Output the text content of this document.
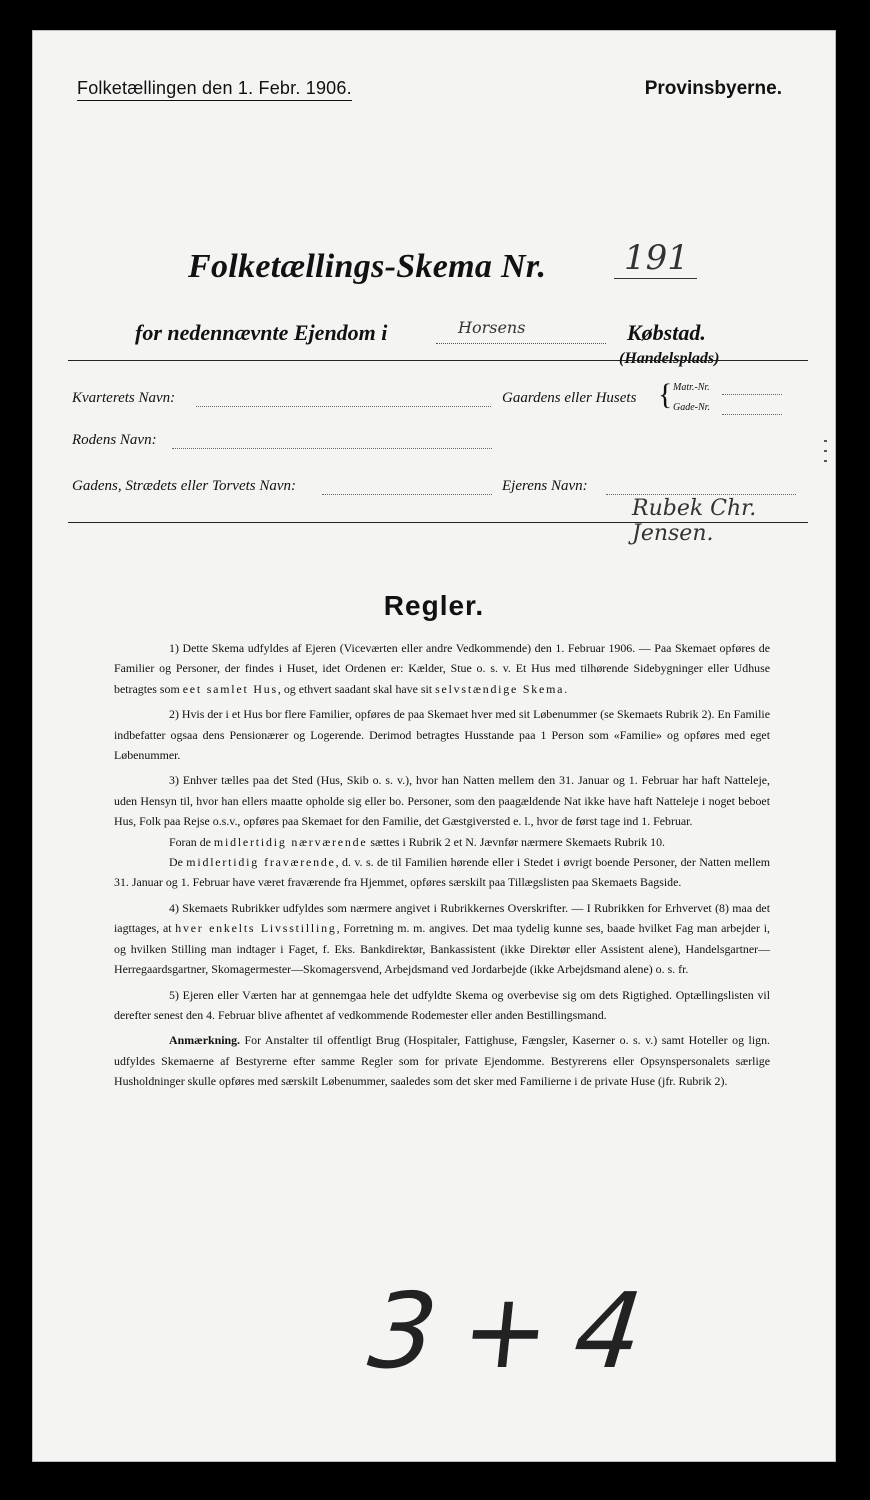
Folketællingen den 1. Febr. 1906.	Provinsbyerne.
Folketællings-Skema Nr. 191
for nedennævnte Ejendom i	Horsens	Købstad.
(Handelsplads)
Kvarterets Navn:	Gaardens eller Husets { Matr.-Nr.
Gade-Nr.
Rodens Navn:
Gadens, Strædets eller Torvets Navn:	Ejerens Navn:
Rubek Chr. Jensen.
Regler.

1) Dette Skema udfyldes af Ejeren (Viceværten eller andre Vedkommende) den 1. Februar 1906. — Paa Skemaet opføres de Familier og Personer, der findes i Huset, idet Ordenen er: Kælder, Stue o. s. v. Et Hus med tilhørende Sidebygninger eller Udhuse betragtes som eet samlet Hus, og ethvert saadant skal have sit selvstændige Skema.

2) Hvis der i et Hus bor flere Familier, opføres de paa Skemaet hver med sit Løbenummer (se Skemaets Rubrik 2). En Familie indbefatter ogsaa dens Pensionærer og Logerende. Derimod betragtes Husstande paa 1 Person som «Familie» og opføres med eget Løbenummer.

3) Enhver tælles paa det Sted (Hus, Skib o. s. v.), hvor han Natten mellem den 31. Januar og 1. Februar har haft Natteleje, uden Hensyn til, hvor han ellers maatte opholde sig eller bo. Personer, som den paagældende Nat ikke have haft Natteleje i noget beboet Hus, Folk paa Rejse o.s.v., opføres paa Skemaet for den Familie, det Gæstgiversted e. l., hvor de først tage ind 1. Februar.

Foran de midlertidig nærværende sættes i Rubrik 2 et N. Jævnfør nærmere Skemaets Rubrik 10.

De midlertidig fraværende, d. v. s. de til Familien hørende eller i Stedet i øvrigt boende Personer, der Natten mellem 31. Januar og 1. Februar have været fraværende fra Hjemmet, opføres særskilt paa Tillægslisten paa Skemaets Bagside.

4) Skemaets Rubrikker udfyldes som nærmere angivet i Rubrikkernes Overskrifter. — I Rubrikken for Erhvervet (8) maa det iagttages, at hver enkelts Livsstilling, Forretning m. m. angives. Det maa tydelig kunne ses, baade hvilket Fag man arbejder i, og hvilken Stilling man indtager i Faget, f. Eks. Bankdirektør, Bankassistent (ikke Direktør eller Assistent alene), Handelsgartner—Herregaardsgartner, Skomagermester—Skomagersvend, Arbejdsmand ved Jordarbejde (ikke Arbejdsmand alene) o. s. fr.

5) Ejeren eller Værten har at gennemgaa hele det udfyldte Skema og overbevise sig om dets Rigtighed. Optællingslisten vil derefter senest den 4. Februar blive afhentet af vedkommende Rodemester eller anden Bestillingsmand.

Anmærkning. For Anstalter til offentligt Brug (Hospitaler, Fattighuse, Fængsler, Kaserner o. s. v.) samt Hoteller og lign. udfyldes Skemaerne af Bestyrerne efter samme Regler som for private Ejendomme. Bestyrerens eller Opsynspersonalets særlige Husholdninger skulle opføres med særskilt Løbenummer, saaledes som det sker med Familierne i de private Huse (jfr. Rubrik 2).

3+4
